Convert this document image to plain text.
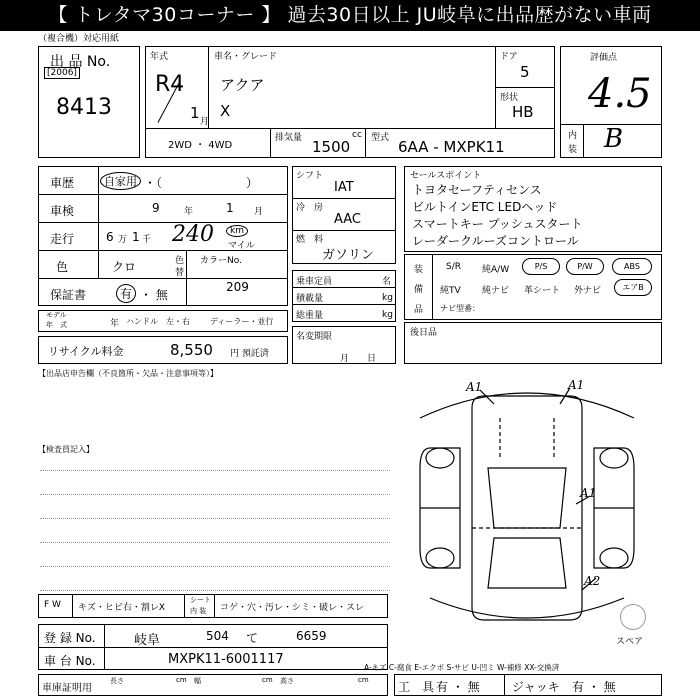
【 トレタマ30コーナー 】 過去30日以上 JU岐阜に出品歴がない車両
（複合機）対応用紙
出 品 No.
[2006]
8413
年式
R4
1 月
車名・グレード
アクア
X
ドア
5
形状
HB
2WD ・ 4WD
排気量	cc
1500 型式 6AA - MXPK11
評価点
4.5
内
装 B
車歴	自家用 ・（　　　　　　　）
車検	9	年	1 月
走行	6 万 1 千 240	km
マイル
色	クロ	色
替
カラーNo.
209
保証書	有 ・ 無
モデル
年　式	年 ハンドル　左・右	ディーラー・並行
リサイクル料金	8,550 円 預託済
シフト
IAT
冷　房
AAC
燃　料
ガソリン
乗車定員	名
積載量	kg
総重量	kg
名変期限
月　　日
セールスポイント
トヨタセーフティセンス
ビルトインETC LEDヘッド
スマートキー プッシュスタート
レーダークルーズコントロール
装
備
品
S/R 純A/W	P/S	P/W	ABS
純TV 純ナビ 革シート 外ナビ	エアB
ナビ型番：
後日品
【出品店申告欄（不良箇所・欠品・注意事項等）】
【検査員記入】
A1	A1
A1
A2
スペア
F W キズ・ヒビ右・割レX
シート
内 装 コゲ・穴・汚レ・シミ・破レ・スレ
登 録 No.	岐阜	504 て	6659
車 台 No.	MXPK11-6001117
車庫証明用
長さ	cm 幅	cm 高さ	cm
A-キズ C-腐食 E-エクボ S-サビ U-凹ミ W-補修 XX-交換済
工　具 有 ・ 無	ジャッキ 有 ・ 無
